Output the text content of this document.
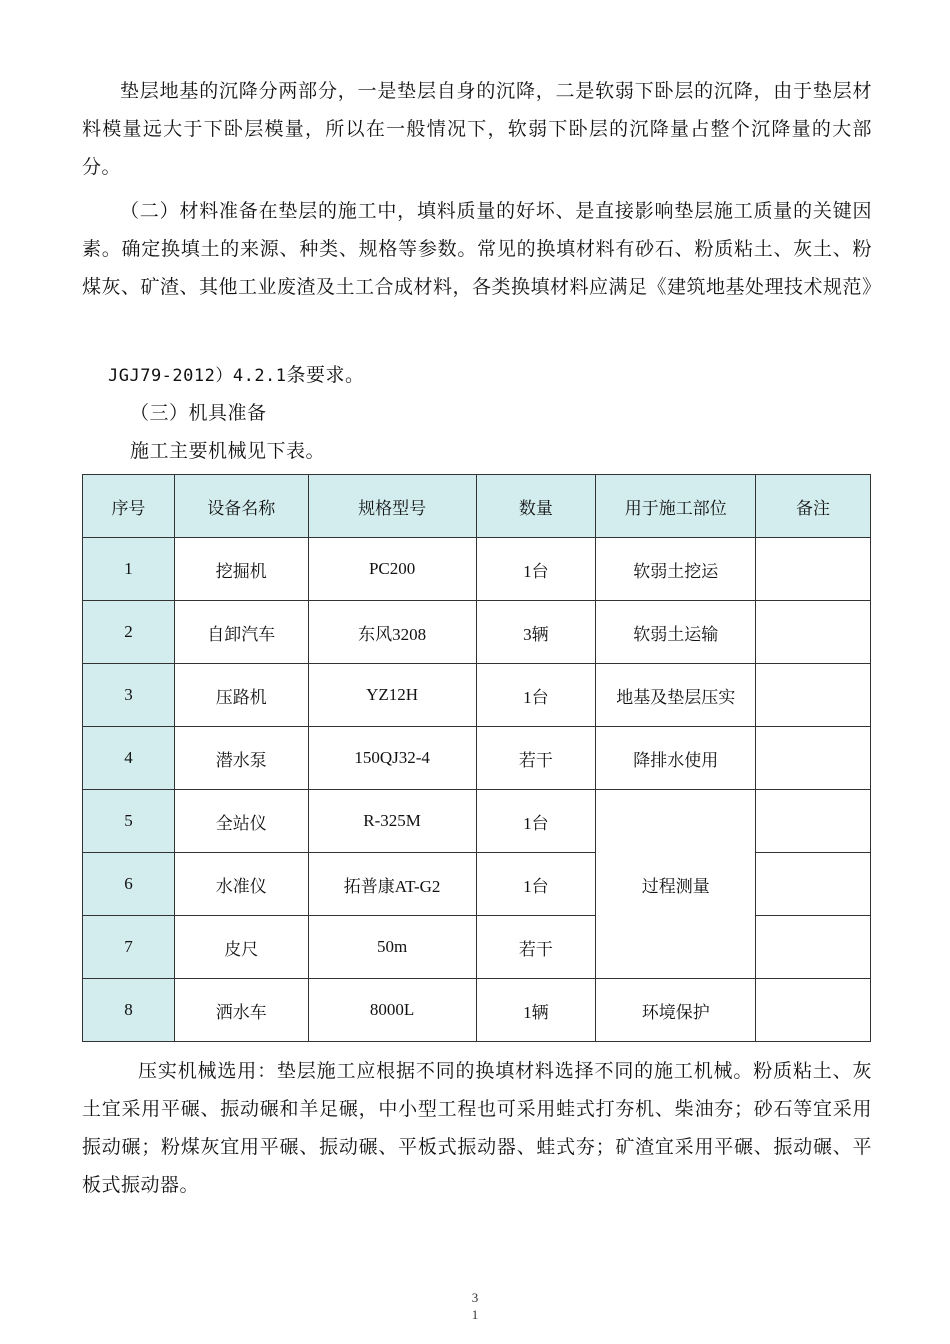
垫层地基的沉降分两部分，一是垫层自身的沉降，二是软弱下卧层的沉降，由于垫层材料模量远大于下卧层模量，所以在一般情况下，软弱下卧层的沉降量占整个沉降量的大部分。

（二）材料准备在垫层的施工中，填料质量的好坏、是直接影响垫层施工质量的关键因素。确定换填土的来源、种类、规格等参数。常见的换填材料有砂石、粉质粘土、灰土、粉煤灰、矿渣、其他工业废渣及土工合成材料，各类换填材料应满足《建筑地基处理技术规范》

JGJ79-2012）4.2.1条要求。

（三）机具准备

施工主要机械见下表。

序号	设备名称	规格型号	数量	用于施工部位	备注
1	挖掘机	PC200	1台	软弱土挖运	
2	自卸汽车	东风3208	3辆	软弱土运输	
3	压路机	YZ12H	1台	地基及垫层压实	
4	潜水泵	150QJ32-4	若干	降排水使用	
5	全站仪	R-325M	1台	过程测量	
6	水准仪	拓普康AT-G2	1台		
7	皮尺	50m	若干		
8	洒水车	8000L	1辆	环境保护	

压实机械选用：垫层施工应根据不同的换填材料选择不同的施工机械。粉质粘土、灰土宜采用平碾、振动碾和羊足碾，中小型工程也可采用蛙式打夯机、柴油夯；砂石等宜采用振动碾；粉煤灰宜用平碾、振动碾、平板式振动器、蛙式夯；矿渣宜采用平碾、振动碾、平板式振动器。

3
1
